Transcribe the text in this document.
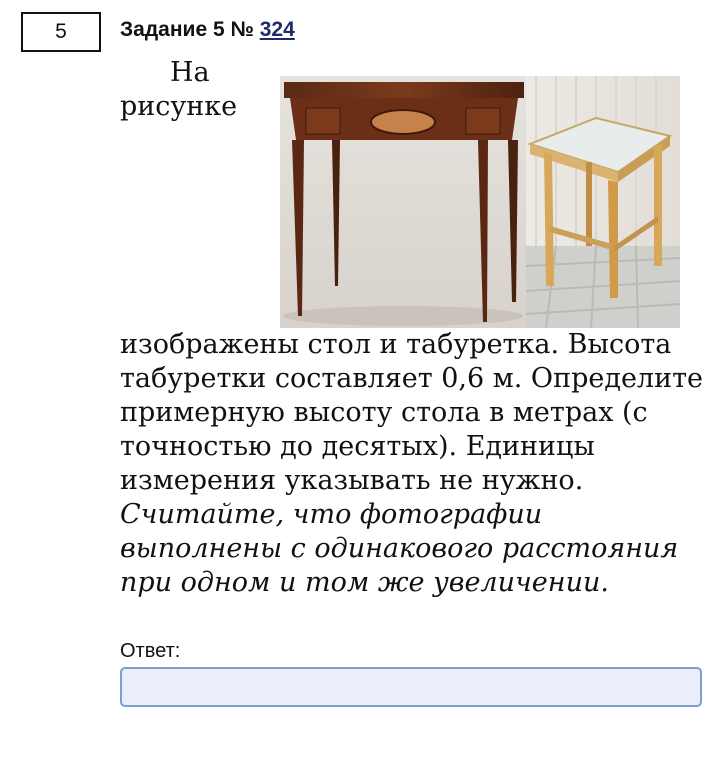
5	Задание 5 № 324
На рисунке изображены стол и табуретка. Высота табуретки составляет 0,6 м. Определите примерную высоту стола в метрах (с точностью до десятых). Единицы измерения указывать не нужно. Считайте, что фотографии выполнены с одинакового расстояния при одном и том же увеличении.
Ответ:
